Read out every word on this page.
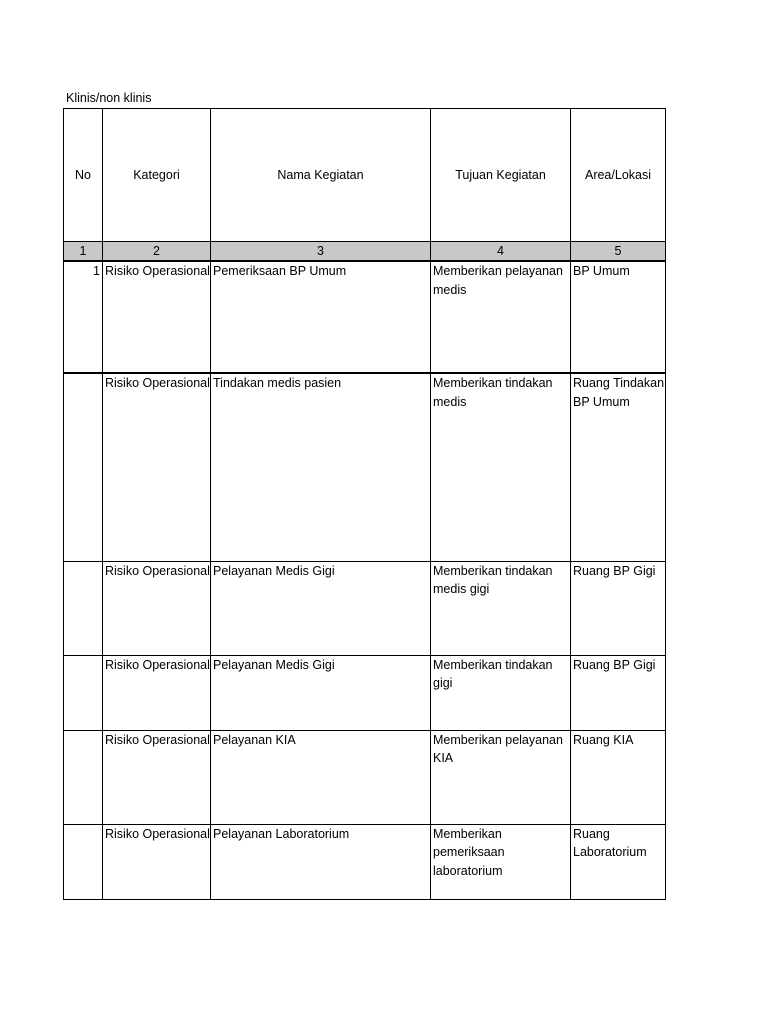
Klinis/non klinis
No	Kategori	Nama Kegiatan	Tujuan Kegiatan	Area/Lokasi
1	2	3	4	5
1	Risiko Operasional	Pemeriksaan BP Umum	Memberikan pelayanan medis	BP Umum
	Risiko Operasional	Tindakan medis pasien	Memberikan tindakan medis	Ruang Tindakan BP Umum
	Risiko Operasional	Pelayanan Medis Gigi	Memberikan tindakan medis gigi	Ruang BP Gigi
	Risiko Operasional	Pelayanan Medis Gigi	Memberikan tindakan gigi	Ruang BP Gigi
	Risiko Operasional	Pelayanan KIA	Memberikan pelayanan KIA	Ruang KIA
	Risiko Operasional	Pelayanan Laboratorium	Memberikan pemeriksaan laboratorium	Ruang Laboratorium
